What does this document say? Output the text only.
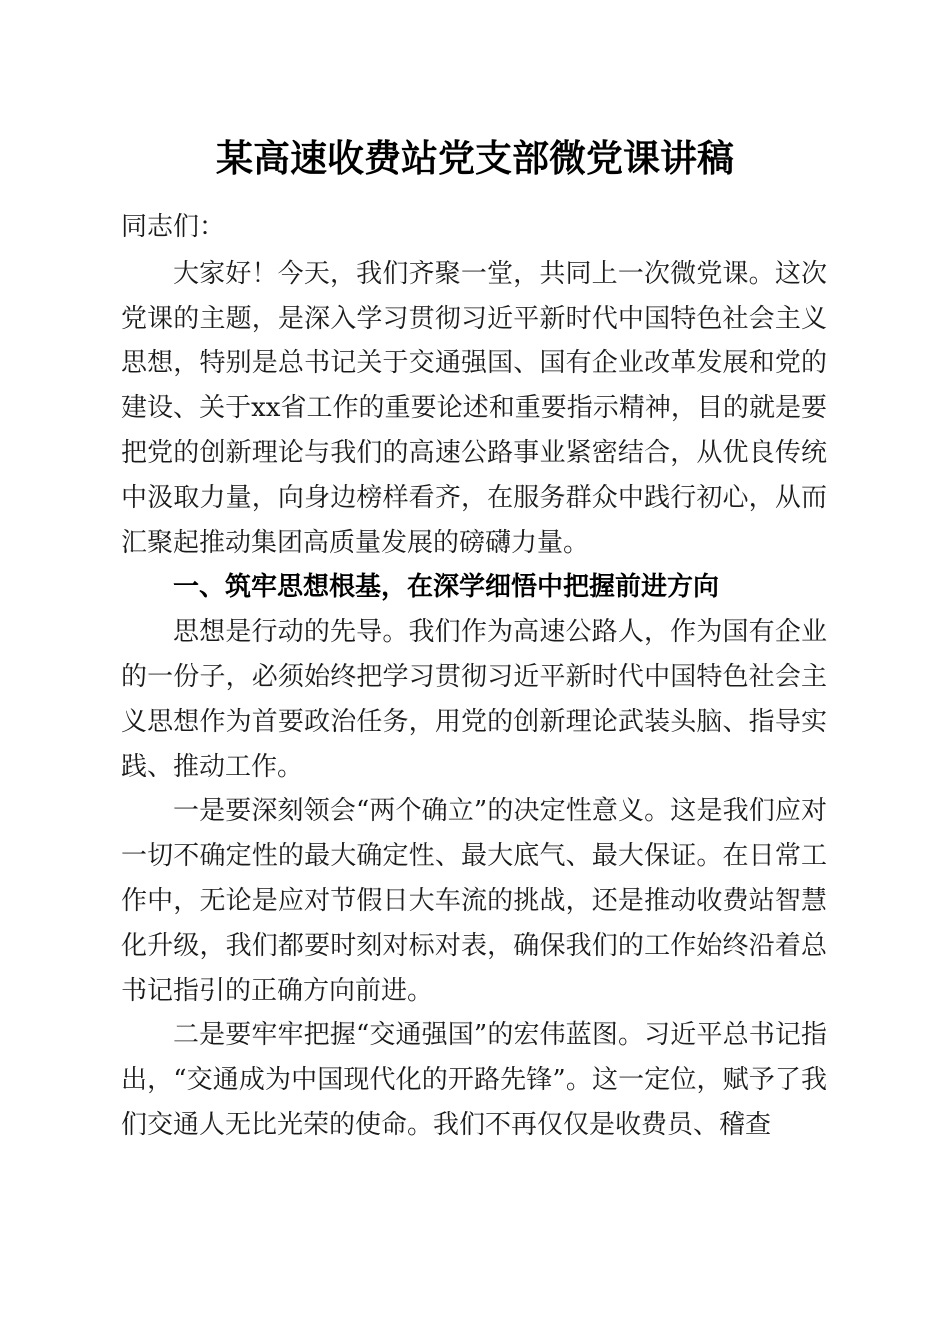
某高速收费站党支部微党课讲稿

同志们：

大家好！今天，我们齐聚一堂，共同上一次微党课。这次党课的主题，是深入学习贯彻习近平新时代中国特色社会主义思想，特别是总书记关于交通强国、国有企业改革发展和党的建设、关于xx省工作的重要论述和重要指示精神，目的就是要把党的创新理论与我们的高速公路事业紧密结合，从优良传统中汲取力量，向身边榜样看齐，在服务群众中践行初心，从而汇聚起推动集团高质量发展的磅礴力量。

一、筑牢思想根基，在深学细悟中把握前进方向

思想是行动的先导。我们作为高速公路人，作为国有企业的一份子，必须始终把学习贯彻习近平新时代中国特色社会主义思想作为首要政治任务，用党的创新理论武装头脑、指导实践、推动工作。

一是要深刻领会“两个确立”的决定性意义。这是我们应对一切不确定性的最大确定性、最大底气、最大保证。在日常工作中，无论是应对节假日大车流的挑战，还是推动收费站智慧化升级，我们都要时刻对标对表，确保我们的工作始终沿着总书记指引的正确方向前进。

二是要牢牢把握“交通强国”的宏伟蓝图。习近平总书记指出，“交通成为中国现代化的开路先锋”。这一定位，赋予了我们交通人无比光荣的使命。我们不再仅仅是收费员、稽查
